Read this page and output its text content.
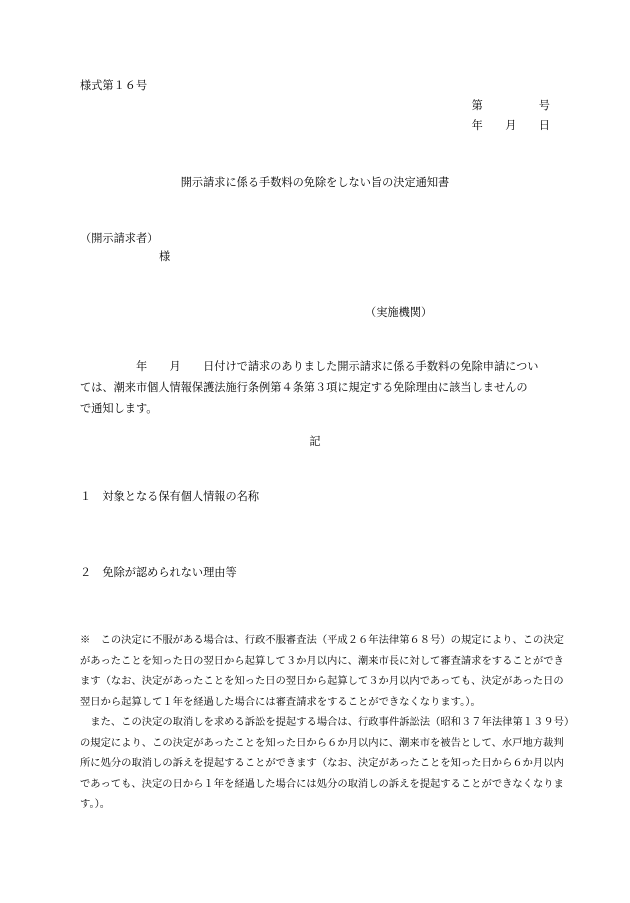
様式第１６号
第　　　　　号
年　　月　　日
開示請求に係る手数料の免除をしない旨の決定通知書
（開示請求者）
様
（実施機関）
　　　　　年　　月　　日付けで請求のありました開示請求に係る手数料の免除申請につい
ては、潮来市個人情報保護法施行条例第４条第３項に規定する免除理由に該当しませんの
で通知します。
記
１　対象となる保有個人情報の名称
２　免除が認められない理由等

※　この決定に不服がある場合は、行政不服審査法（平成２６年法律第６８号）の規定により、この決定

があったことを知った日の翌日から起算して３か月以内に、潮来市長に対して審査請求をすることができ

ます（なお、決定があったことを知った日の翌日から起算して３か月以内であっても、決定があった日の

翌日から起算して１年を経過した場合には審査請求をすることができなくなります。）。

　また、この決定の取消しを求める訴訟を提起する場合は、行政事件訴訟法（昭和３７年法律第１３９号）

の規定により、この決定があったことを知った日から６か月以内に、潮来市を被告として、水戸地方裁判

所に処分の取消しの訴えを提起することができます（なお、決定があったことを知った日から６か月以内

であっても、決定の日から１年を経過した場合には処分の取消しの訴えを提起することができなくなりま

す。）。
